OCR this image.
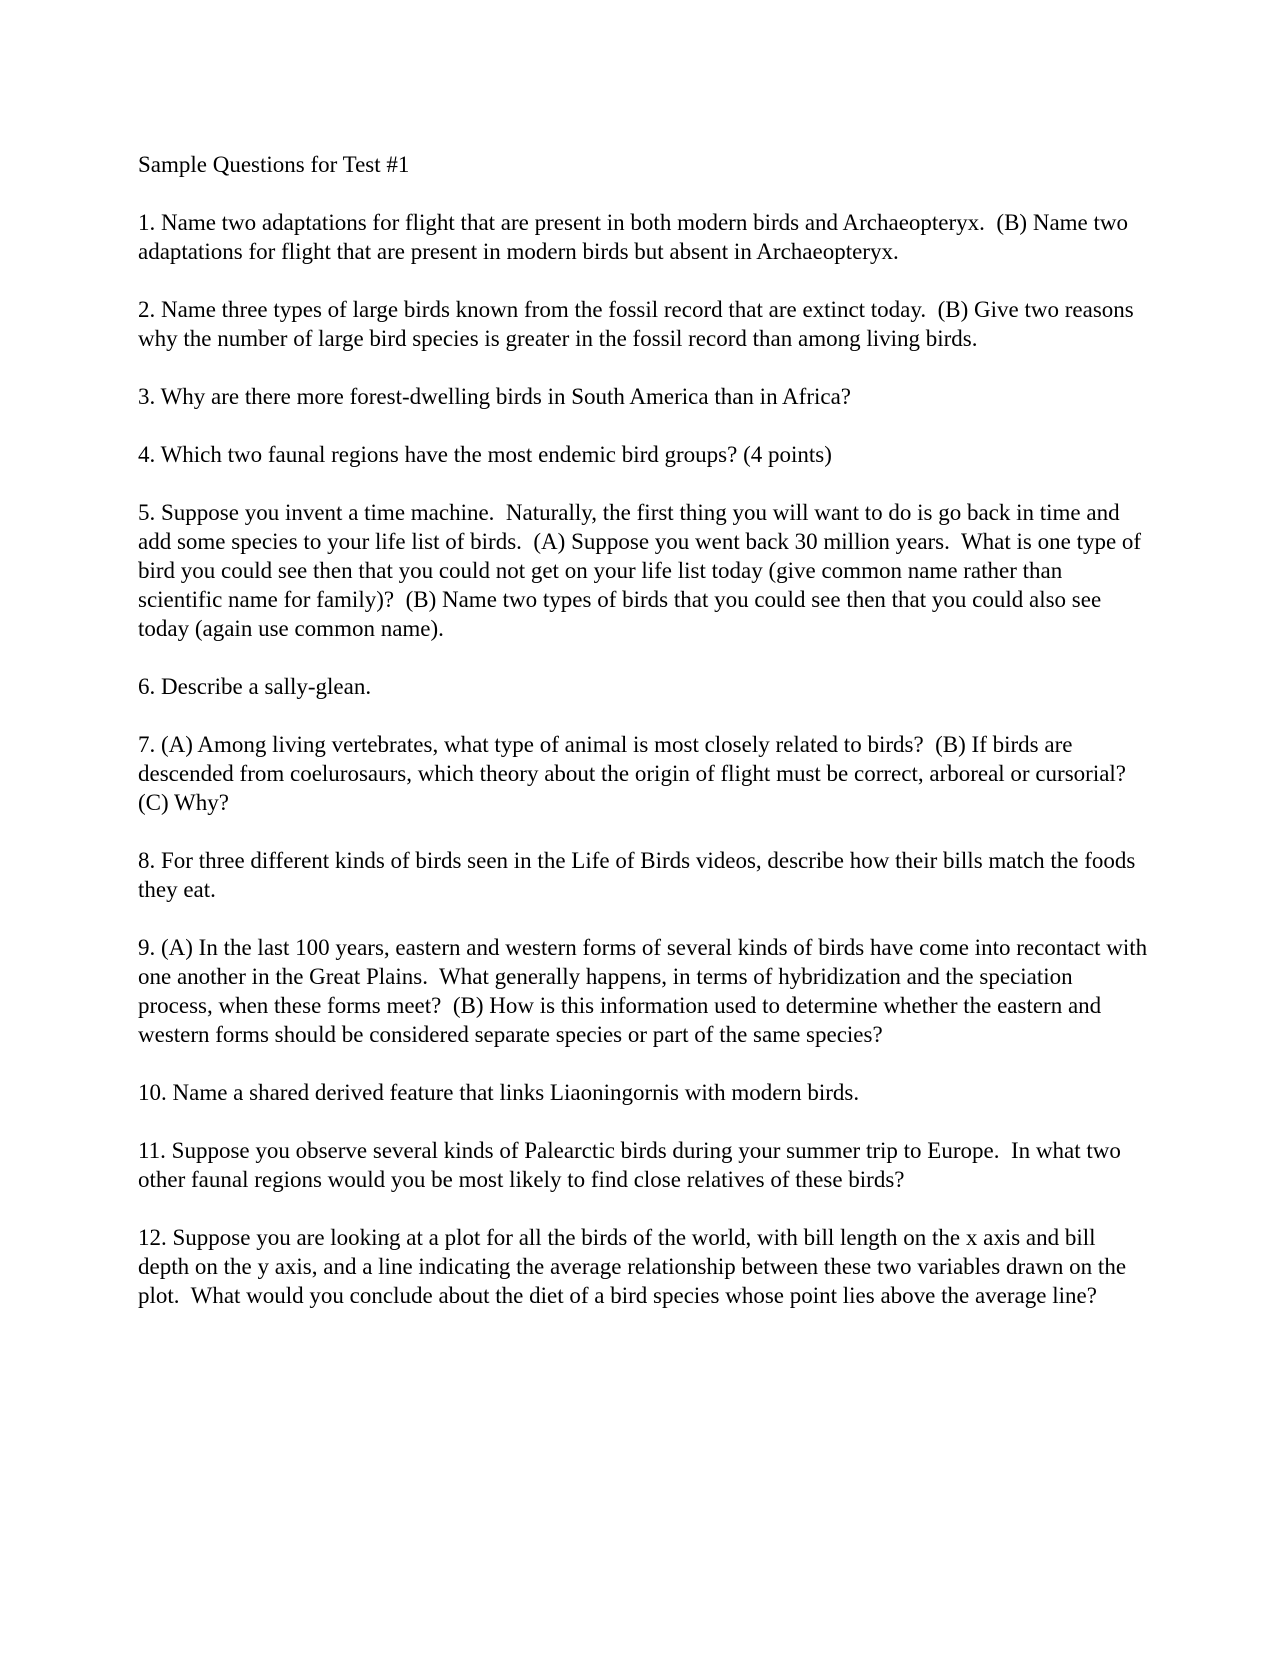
Sample Questions for Test #1
1. Name two adaptations for flight that are present in both modern birds and Archaeopteryx.  (B) Name two adaptations for flight that are present in modern birds but absent in Archaeopteryx.
2. Name three types of large birds known from the fossil record that are extinct today.  (B) Give two reasons why the number of large bird species is greater in the fossil record than among living birds.
3. Why are there more forest-dwelling birds in South America than in Africa?
4. Which two faunal regions have the most endemic bird groups? (4 points)
5. Suppose you invent a time machine.  Naturally, the first thing you will want to do is go back in time and add some species to your life list of birds.  (A) Suppose you went back 30 million years.  What is one type of bird you could see then that you could not get on your life list today (give common name rather than scientific name for family)?  (B) Name two types of birds that you could see then that you could also see today (again use common name).
6. Describe a sally-glean.
7. (A) Among living vertebrates, what type of animal is most closely related to birds?  (B) If birds are descended from coelurosaurs, which theory about the origin of flight must be correct, arboreal or cursorial?  (C) Why?
8. For three different kinds of birds seen in the Life of Birds videos, describe how their bills match the foods they eat.
9. (A) In the last 100 years, eastern and western forms of several kinds of birds have come into recontact with one another in the Great Plains.  What generally happens, in terms of hybridization and the speciation process, when these forms meet?  (B) How is this information used to determine whether the eastern and western forms should be considered separate species or part of the same species?
10. Name a shared derived feature that links Liaoningornis with modern birds.
11. Suppose you observe several kinds of Palearctic birds during your summer trip to Europe.  In what two other faunal regions would you be most likely to find close relatives of these birds?
12. Suppose you are looking at a plot for all the birds of the world, with bill length on the x axis and bill depth on the y axis, and a line indicating the average relationship between these two variables drawn on the plot.  What would you conclude about the diet of a bird species whose point lies above the average line?
